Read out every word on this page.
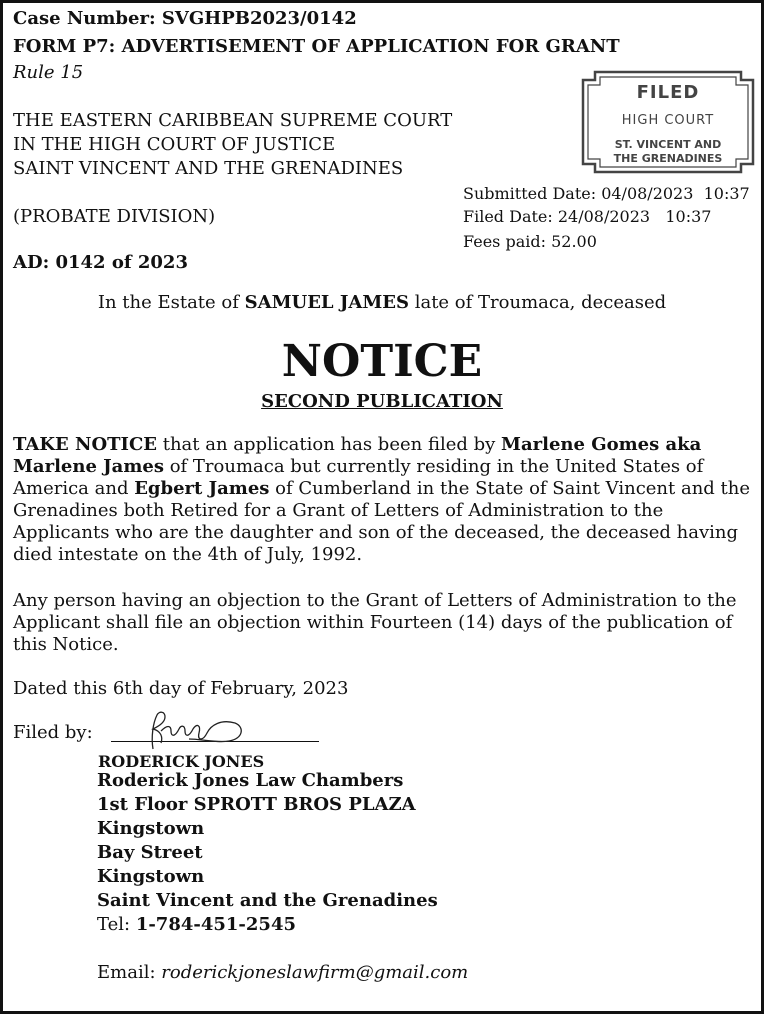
Case Number: SVGHPB2023/0142
FORM P7: ADVERTISEMENT OF APPLICATION FOR GRANT
Rule 15
THE EASTERN CARIBBEAN SUPREME COURT
IN THE HIGH COURT OF JUSTICE
SAINT VINCENT AND THE GRENADINES
(PROBATE DIVISION)
AD: 0142 of 2023
Submitted Date: 04/08/2023  10:37
Filed Date: 24/08/2023   10:37
Fees paid: 52.00
FILED
HIGH COURT
ST. VINCENT AND
THE GRENADINES
In the Estate of SAMUEL JAMES late of Troumaca, deceased
NOTICE
SECOND PUBLICATION
TAKE NOTICE that an application has been filed by Marlene Gomes aka Marlene James of Troumaca but currently residing in the United States of America and Egbert James of Cumberland in the State of Saint Vincent and the Grenadines both Retired for a Grant of Letters of Administration to the Applicants who are the daughter and son of the deceased, the deceased having died intestate on the 4th of July, 1992.
Any person having an objection to the Grant of Letters of Administration to the Applicant shall file an objection within Fourteen (14) days of the publication of this Notice.
Dated this 6th day of February, 2023
Filed by:
RODERICK JONES
Roderick Jones Law Chambers
1st Floor SPROTT BROS PLAZA
Kingstown
Bay Street
Kingstown
Saint Vincent and the Grenadines
Tel: 1-784-451-2545
Email: roderickjoneslawfirm@gmail.com
